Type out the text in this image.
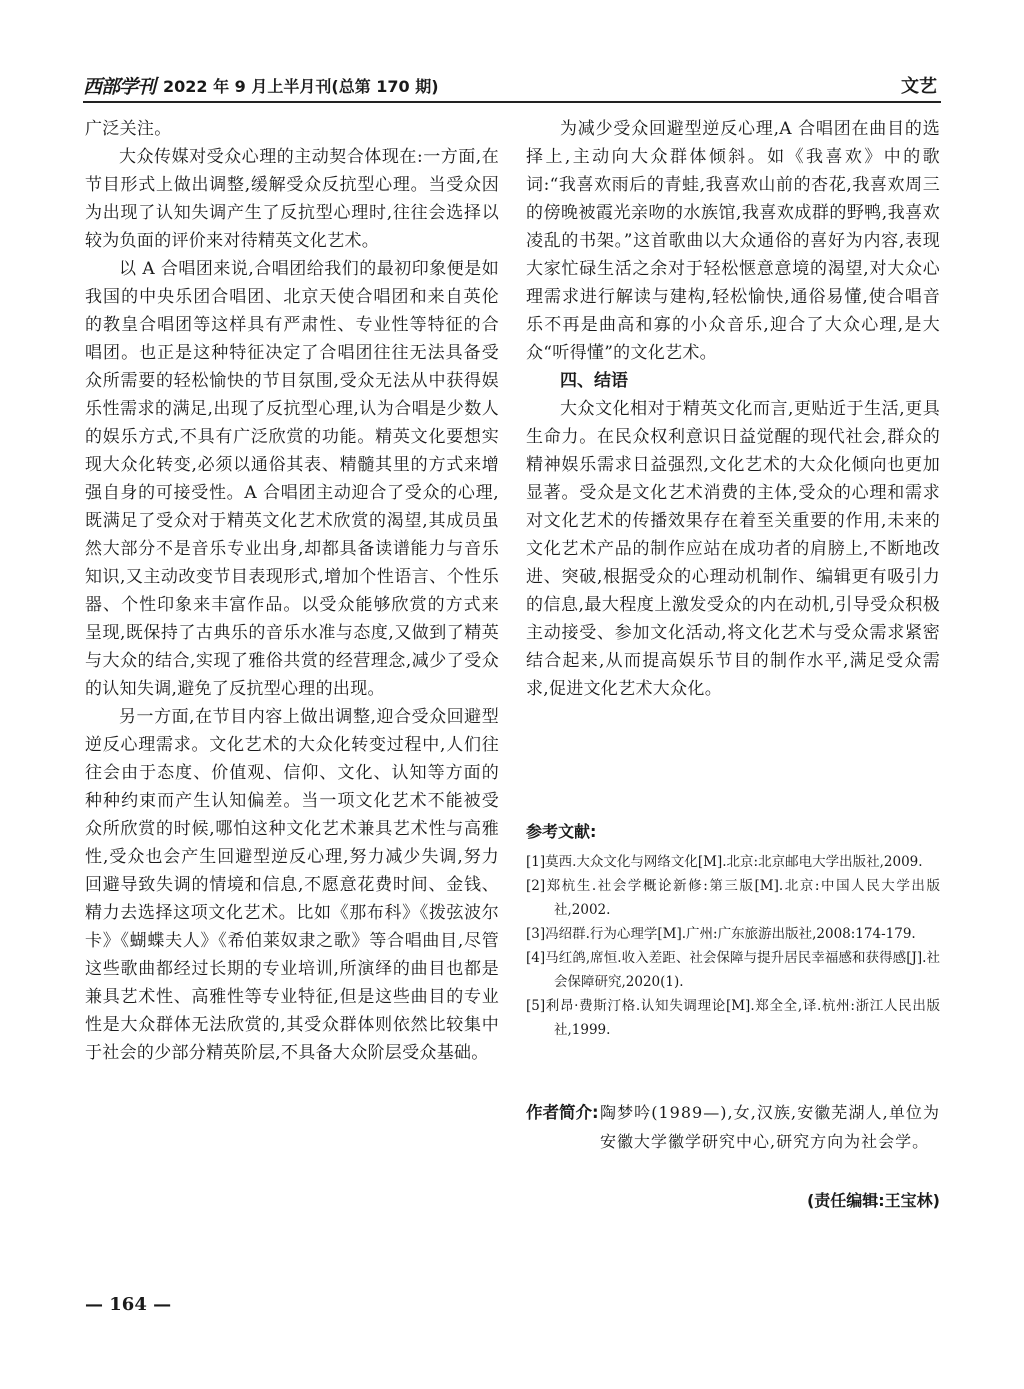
西部学刊 2022 年 9 月上半月刊(总第 170 期)	文艺

广泛关注。

大众传媒对受众心理的主动契合体现在:一方面,在节目形式上做出调整,缓解受众反抗型心理。当受众因为出现了认知失调产生了反抗型心理时,往往会选择以较为负面的评价来对待精英文化艺术。

以 A 合唱团来说,合唱团给我们的最初印象便是如我国的中央乐团合唱团、北京天使合唱团和来自英伦的教皇合唱团等这样具有严肃性、专业性等特征的合唱团。也正是这种特征决定了合唱团往往无法具备受众所需要的轻松愉快的节目氛围,受众无法从中获得娱乐性需求的满足,出现了反抗型心理,认为合唱是少数人的娱乐方式,不具有广泛欣赏的功能。精英文化要想实现大众化转变,必须以通俗其表、精髓其里的方式来增强自身的可接受性。A 合唱团主动迎合了受众的心理,既满足了受众对于精英文化艺术欣赏的渴望,其成员虽然大部分不是音乐专业出身,却都具备读谱能力与音乐知识,又主动改变节目表现形式,增加个性语言、个性乐器、个性印象来丰富作品。以受众能够欣赏的方式来呈现,既保持了古典乐的音乐水准与态度,又做到了精英与大众的结合,实现了雅俗共赏的经营理念,减少了受众的认知失调,避免了反抗型心理的出现。

另一方面,在节目内容上做出调整,迎合受众回避型逆反心理需求。文化艺术的大众化转变过程中,人们往往会由于态度、价值观、信仰、文化、认知等方面的种种约束而产生认知偏差。当一项文化艺术不能被受众所欣赏的时候,哪怕这种文化艺术兼具艺术性与高雅性,受众也会产生回避型逆反心理,努力减少失调,努力回避导致失调的情境和信息,不愿意花费时间、金钱、精力去选择这项文化艺术。比如《那布科》《拨弦波尔卡》《蝴蝶夫人》《希伯莱奴隶之歌》等合唱曲目,尽管这些歌曲都经过长期的专业培训,所演绎的曲目也都是兼具艺术性、高雅性等专业特征,但是这些曲目的专业性是大众群体无法欣赏的,其受众群体则依然比较集中于社会的少部分精英阶层,不具备大众阶层受众基础。

为减少受众回避型逆反心理,A 合唱团在曲目的选择上,主动向大众群体倾斜。如《我喜欢》中的歌词:“我喜欢雨后的青蛙,我喜欢山前的杏花,我喜欢周三的傍晚被霞光亲吻的水族馆,我喜欢成群的野鸭,我喜欢凌乱的书架。”这首歌曲以大众通俗的喜好为内容,表现大家忙碌生活之余对于轻松惬意意境的渴望,对大众心理需求进行解读与建构,轻松愉快,通俗易懂,使合唱音乐不再是曲高和寡的小众音乐,迎合了大众心理,是大众“听得懂”的文化艺术。

四、结语

大众文化相对于精英文化而言,更贴近于生活,更具生命力。在民众权利意识日益觉醒的现代社会,群众的精神娱乐需求日益强烈,文化艺术的大众化倾向也更加显著。受众是文化艺术消费的主体,受众的心理和需求对文化艺术的传播效果存在着至关重要的作用,未来的文化艺术产品的制作应站在成功者的肩膀上,不断地改进、突破,根据受众的心理动机制作、编辑更有吸引力的信息,最大程度上激发受众的内在动机,引导受众积极主动接受、参加文化活动,将文化艺术与受众需求紧密结合起来,从而提高娱乐节目的制作水平,满足受众需求,促进文化艺术大众化。

参考文献:

[1]莫西.大众文化与网络文化[M].北京:北京邮电大学出版社,2009.

[2]郑杭生.社会学概论新修:第三版[M].北京:中国人民大学出版社,2002.

[3]冯绍群.行为心理学[M].广州:广东旅游出版社,2008:174-179.

[4]马红鸽,席恒.收入差距、社会保障与提升居民幸福感和获得感[J].社会保障研究,2020(1).

[5]利昂·费斯汀格.认知失调理论[M].郑全全,译.杭州:浙江人民出版社,1999.

作者简介: 陶梦吟(1989—),女,汉族,安徽芜湖人,单位为安徽大学徽学研究中心,研究方向为社会学。
(责任编辑:王宝林)
— 164 —
